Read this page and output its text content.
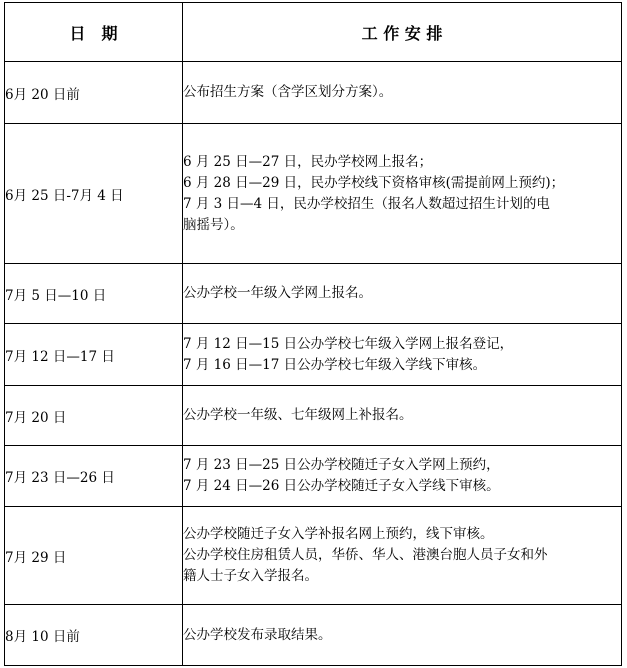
日　期	工 作 安 排
6月 20 日前	公布招生方案（含学区划分方案）。

6月 25 日-7月 4 日	6 月 25 日—27 日，民办学校网上报名；
6 月 28 日—29 日，民办学校线下资格审核(需提前网上预约)；
7 月 3 日—4 日，民办学校招生（报名人数超过招生计划的电
脑摇号）。

7月 5 日—10 日	公办学校一年级入学网上报名。

7月 12 日—17 日	7 月 12 日—15 日公办学校七年级入学网上报名登记，
7 月 16 日—17 日公办学校七年级入学线下审核。

7月 20 日	公办学校一年级、七年级网上补报名。

7月 23 日—26 日	7 月 23 日—25 日公办学校随迁子女入学网上预约，
7 月 24 日—26 日公办学校随迁子女入学线下审核。

7月 29 日	公办学校随迁子女入学补报名网上预约，线下审核。
公办学校住房租赁人员，华侨、华人、港澳台胞人员子女和外
籍人士子女入学报名。

8月 10 日前	公办学校发布录取结果。
